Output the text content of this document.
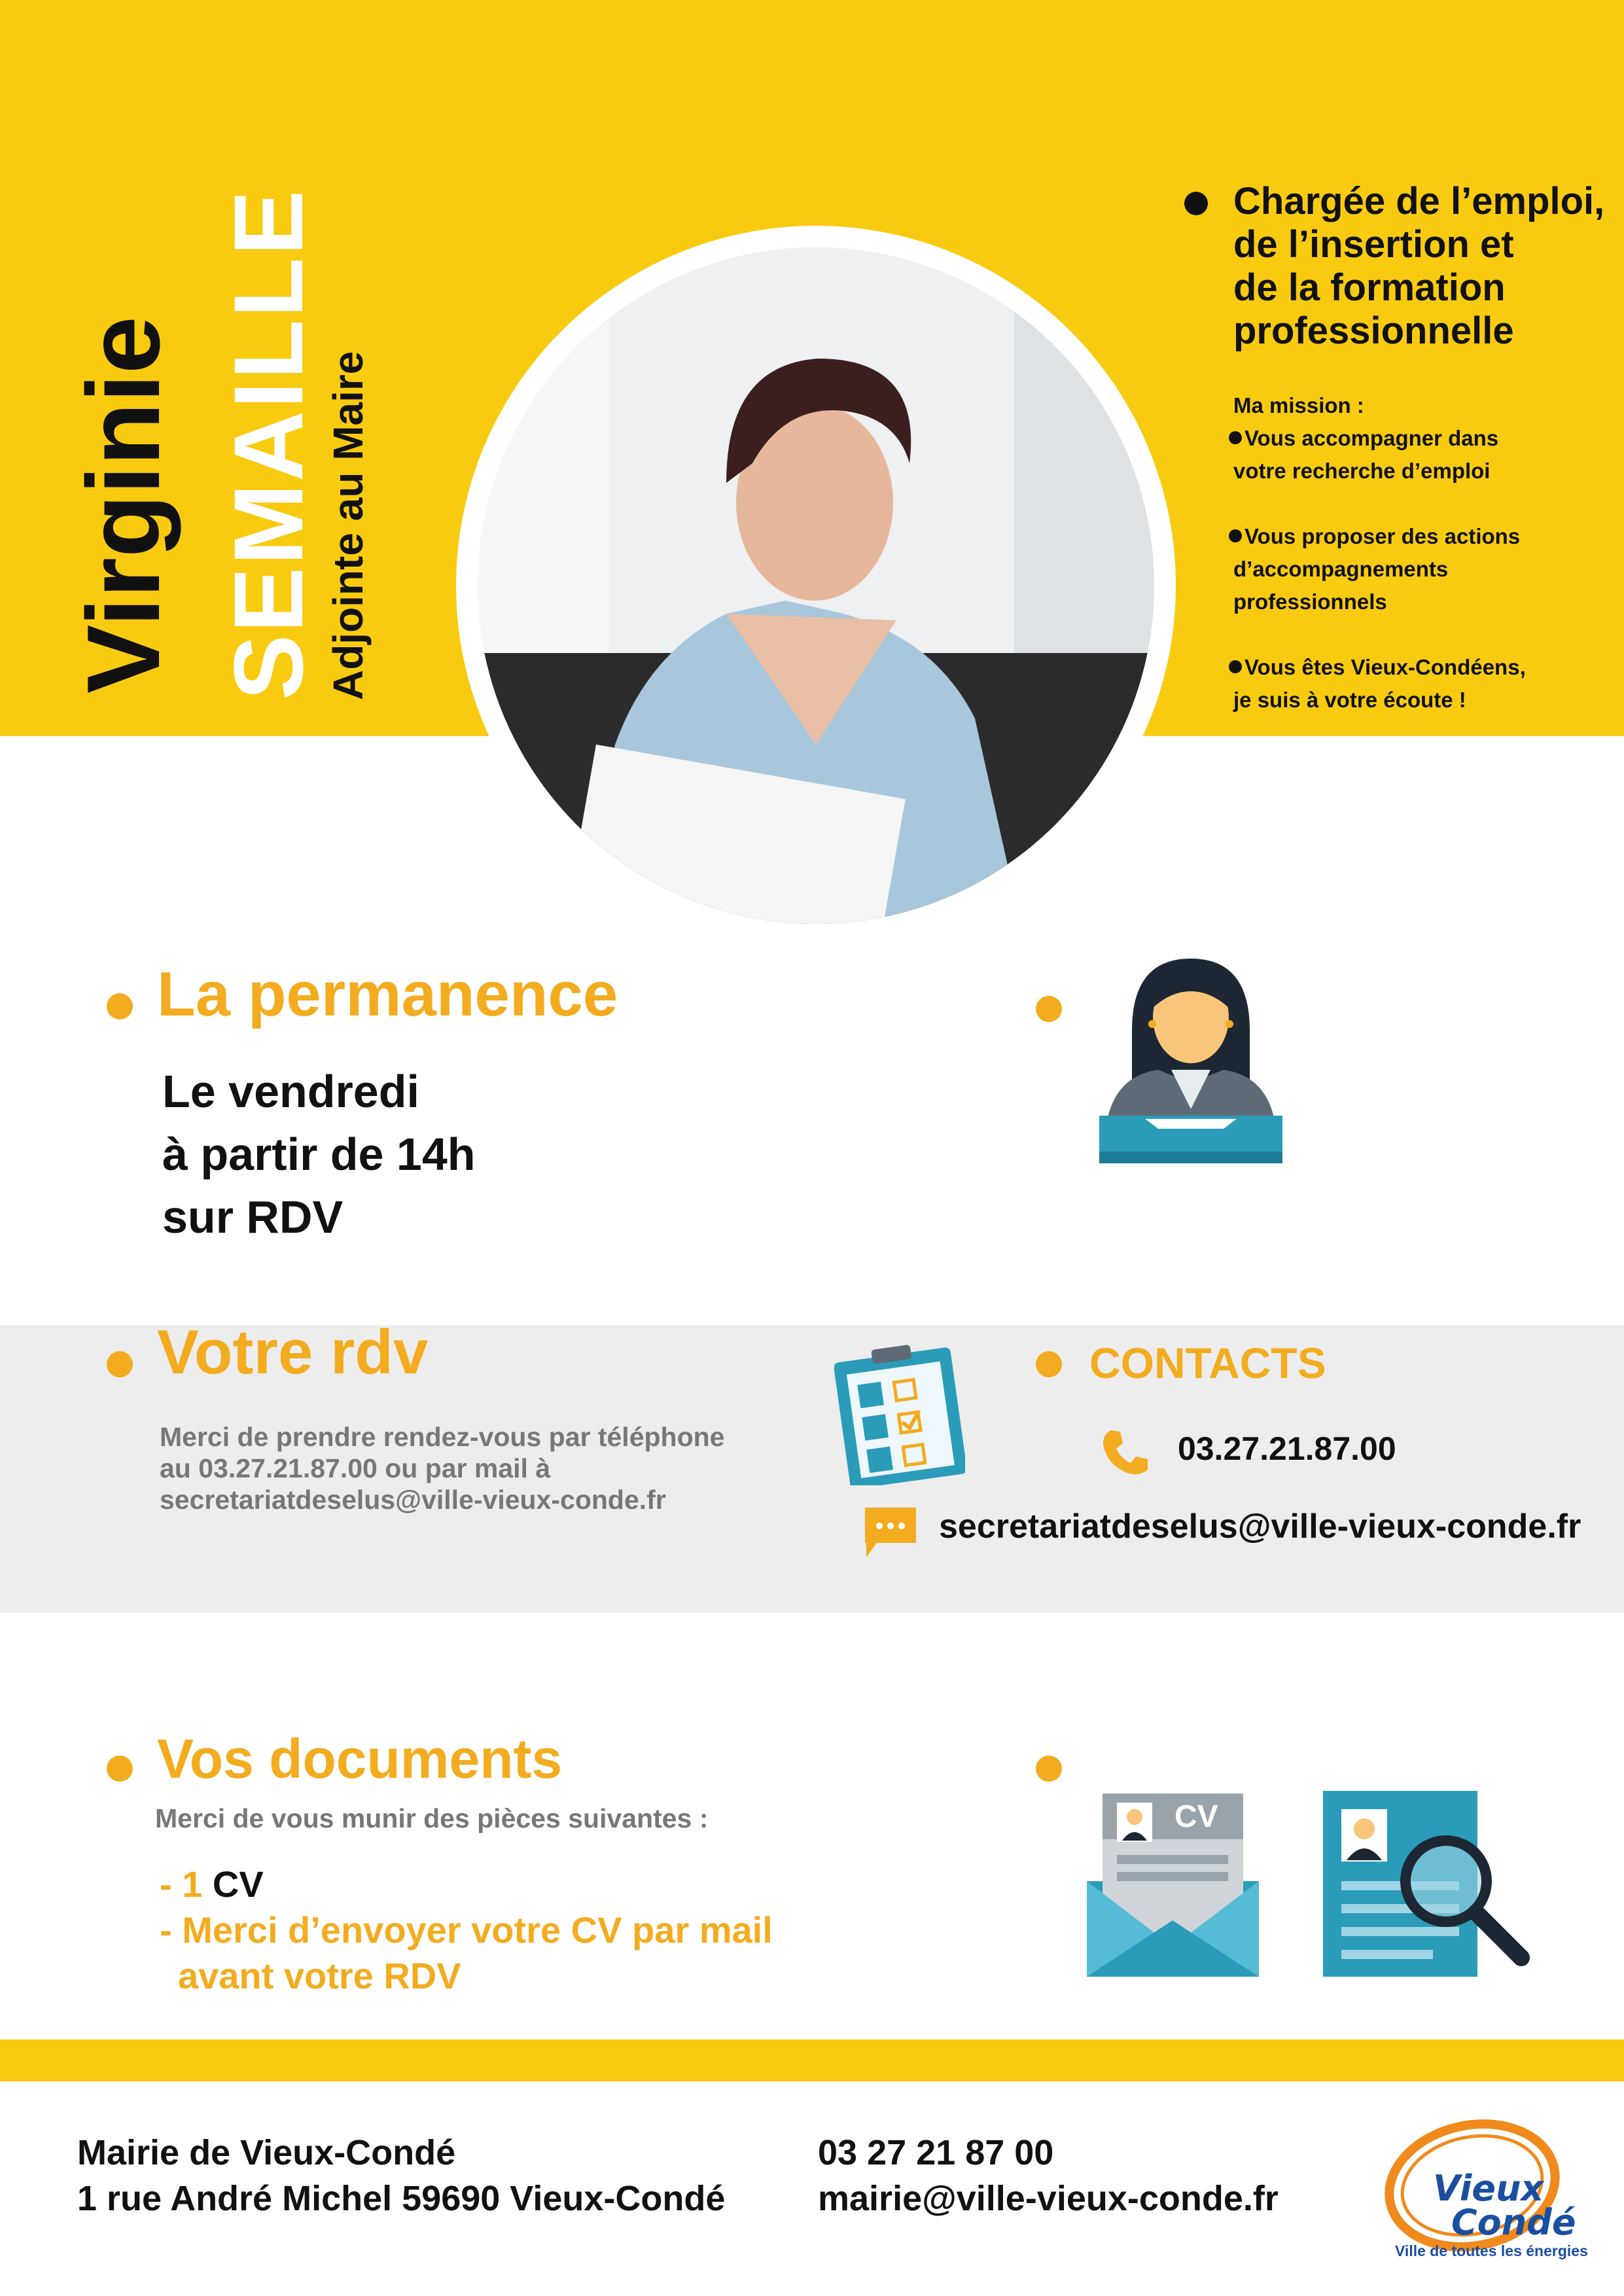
Virginie SEMAILLE Adjointe au Maire
Chargée de l’emploi,
de l’insertion et
de la formation
professionnelle
Ma mission :
Vous accompagner dans
votre recherche d’emploi
Vous proposer des actions
d’accompagnements
professionnels
Vous êtes Vieux-Condéens,
je suis à votre écoute !
La permanence
Le vendredi
à partir de 14h
sur RDV
Votre rdv
Merci de prendre rendez-vous par téléphone
au 03.27.21.87.00 ou par mail à
secretariatdeselus@ville-vieux-conde.fr
CONTACTS
03.27.21.87.00
secretariatdeselus@ville-vieux-conde.fr
Vos documents
Merci de vous munir des pièces suivantes :
- 1 CV
- Merci d’envoyer votre CV par mail
avant votre RDV
CV
Mairie de Vieux-Condé
1 rue André Michel 59690 Vieux-Condé
03 27 21 87 00
mairie@ville-vieux-conde.fr	Vieux
Condé
Ville de toutes les énergies
